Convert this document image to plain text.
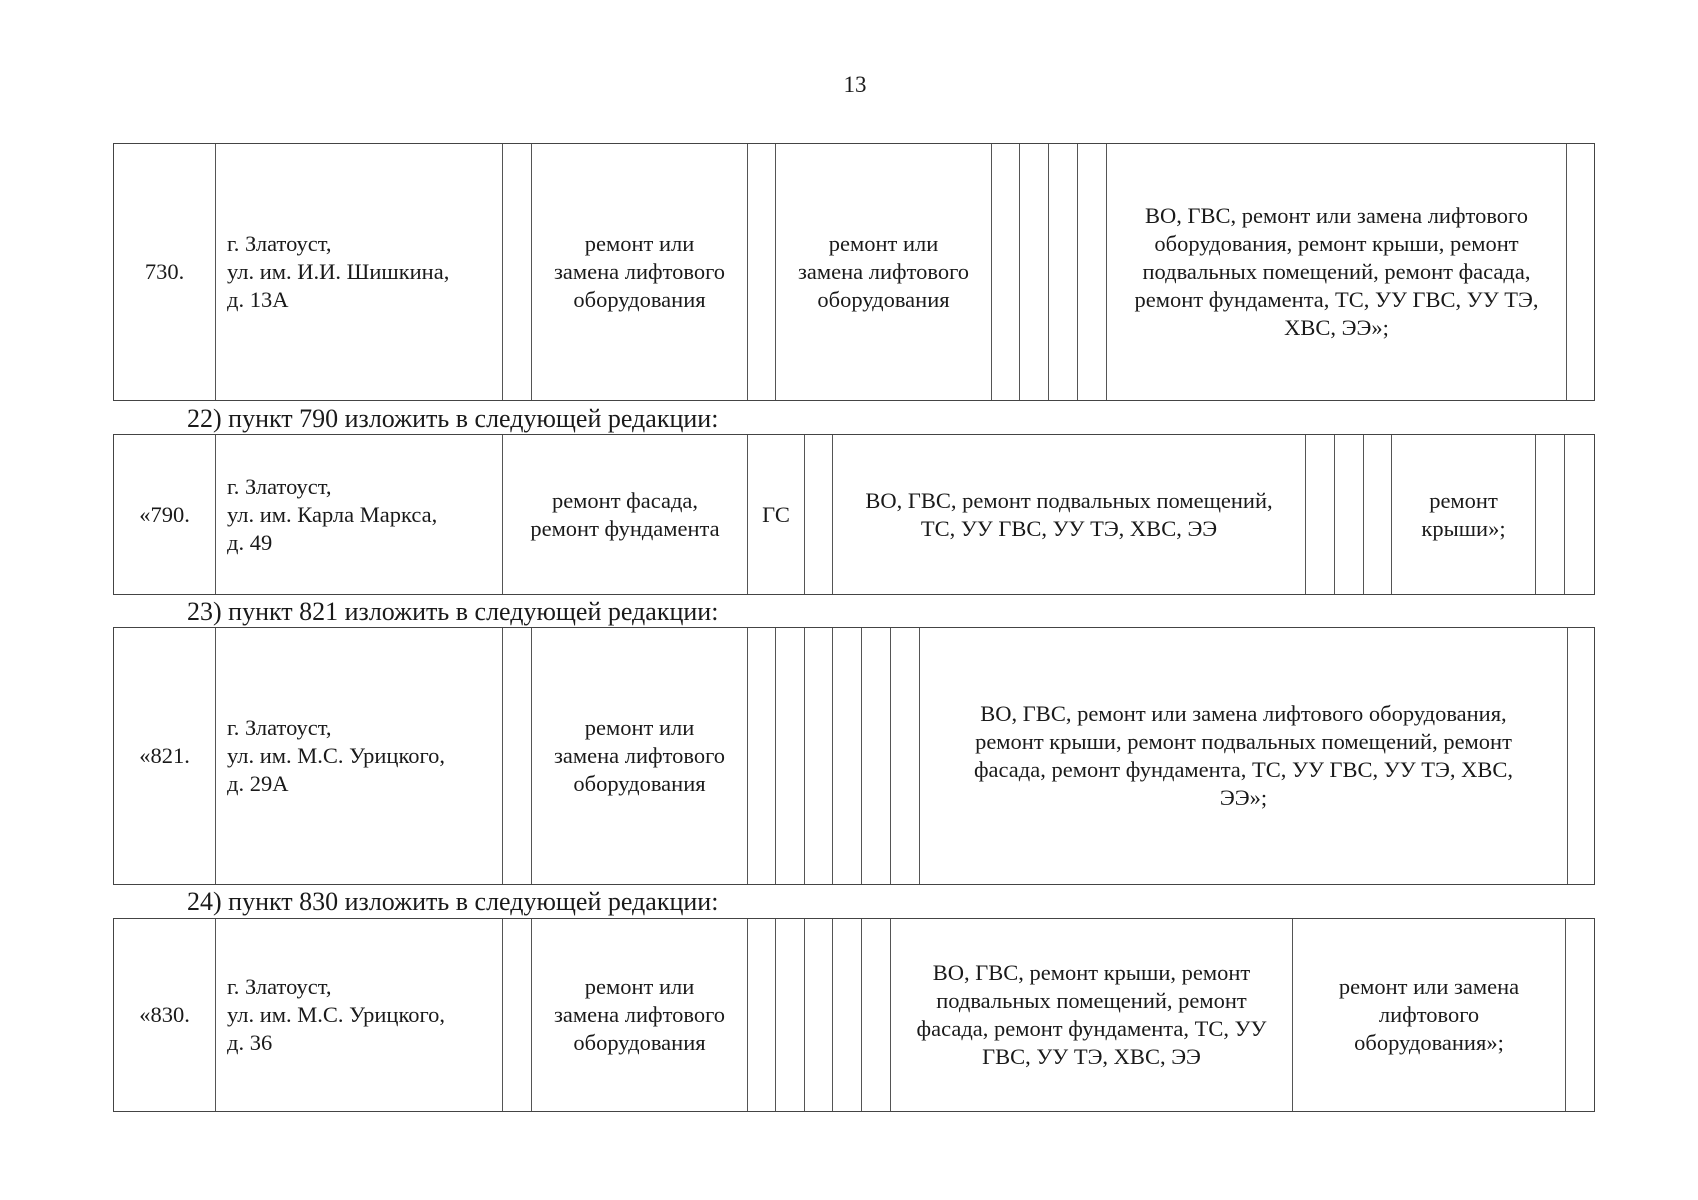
13
730.
г. Златоуст,
ул. им. И.И. Шишкина,
д. 13А
ремонт или
замена лифтового
оборудования
ремонт или
замена лифтового
оборудования
ВО, ГВС, ремонт или замена лифтового
оборудования, ремонт крыши, ремонт
подвальных помещений, ремонт фасада,
ремонт фундамента, ТС, УУ ГВС, УУ ТЭ,
ХВС, ЭЭ»;
22) пункт 790 изложить в следующей редакции:
«790.
г. Златоуст,
ул. им. Карла Маркса,
д. 49
ремонт фасада,
ремонт фундамента
ГС
ВО, ГВС, ремонт подвальных помещений,
ТС, УУ ГВС, УУ ТЭ, ХВС, ЭЭ
ремонт
крыши»;
23) пункт 821 изложить в следующей редакции:
«821.
г. Златоуст,
ул. им. М.С. Урицкого,
д. 29А
ремонт или
замена лифтового
оборудования
ВО, ГВС, ремонт или замена лифтового оборудования,
ремонт крыши, ремонт подвальных помещений, ремонт
фасада, ремонт фундамента, ТС, УУ ГВС, УУ ТЭ, ХВС,
ЭЭ»;
24) пункт 830 изложить в следующей редакции:
«830.
г. Златоуст,
ул. им. М.С. Урицкого,
д. 36
ремонт или
замена лифтового
оборудования
ВО, ГВС, ремонт крыши, ремонт
подвальных помещений, ремонт
фасада, ремонт фундамента, ТС, УУ
ГВС, УУ ТЭ, ХВС, ЭЭ
ремонт или замена
лифтового
оборудования»;
